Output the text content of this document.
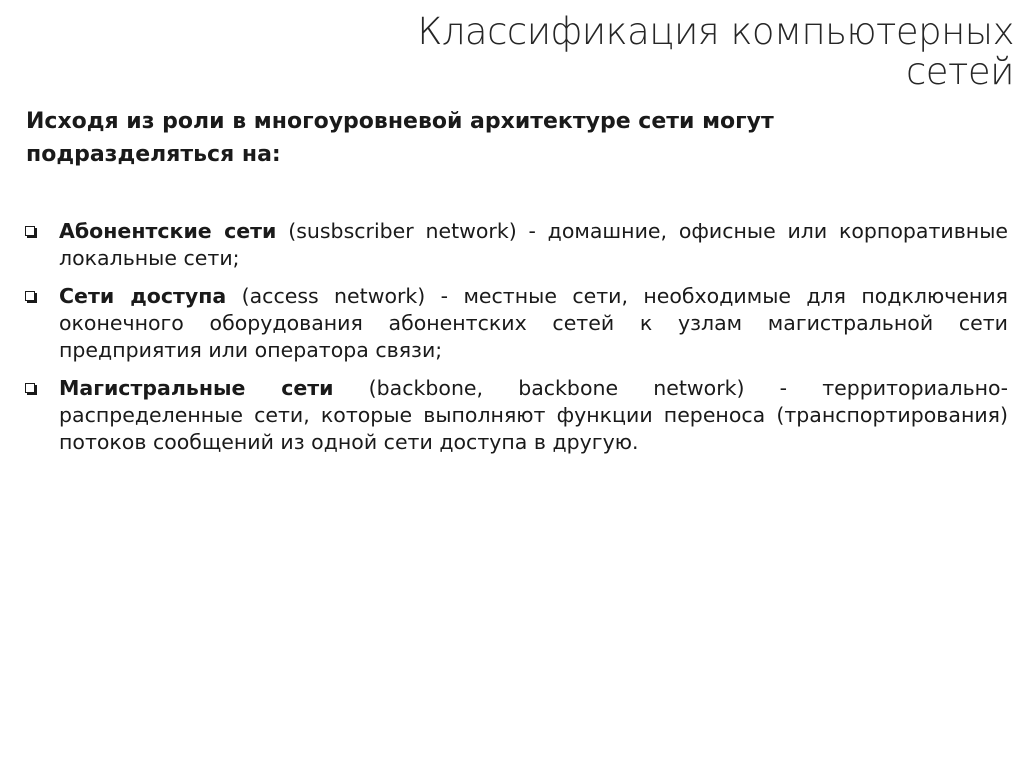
Классификация компьютерных
сетей
Исходя из роли в многоуровневой архитектуре сети могут подразделяться на:
Абонентские сети (susbscriber network) - домашние, офисные или корпоративные локальные сети;
Сети доступа (access network) - местные сети, необходимые для подключения оконечного оборудования абонентских сетей к узлам магистральной сети предприятия или оператора связи;
Магистральные сети (backbone, backbone network) - территориально-распределенные сети, которые выполняют функции переноса (транспортирования) потоков сообщений из одной сети доступа в другую.
